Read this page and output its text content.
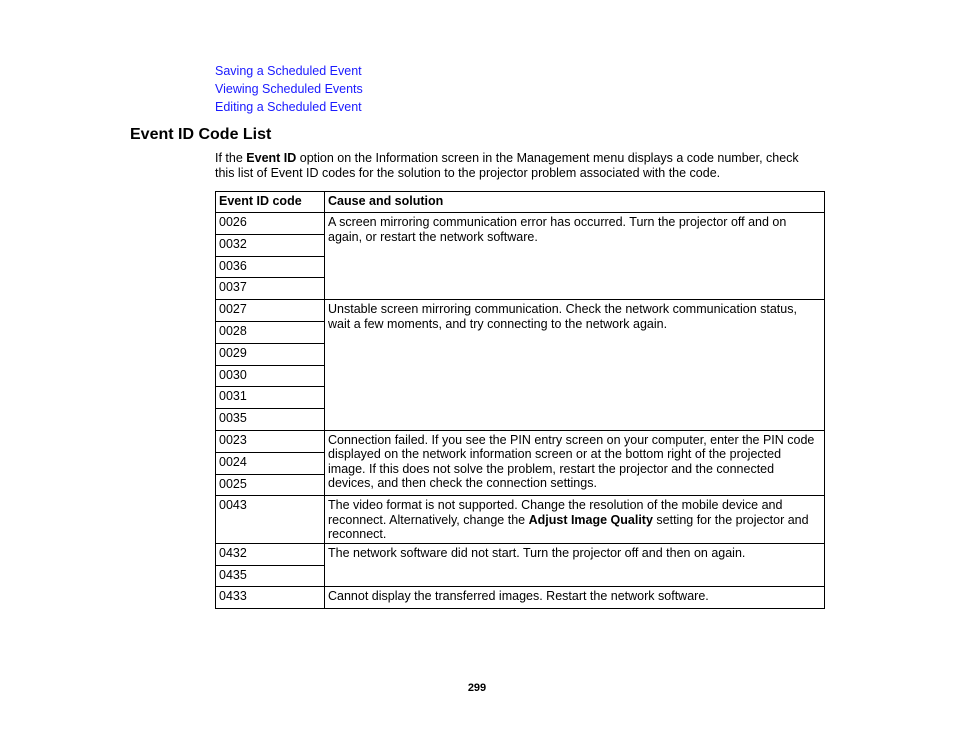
Saving a Scheduled Event
Viewing Scheduled Events
Editing a Scheduled Event
Event ID Code List

If the Event ID option on the Information screen in the Management menu displays a code number, check this list of Event ID codes for the solution to the projector problem associated with the code.

Event ID code	Cause and solution
0026	A screen mirroring communication error has occurred. Turn the projector off and on again, or restart the network software.
0032	
0036	
0037	
0027	Unstable screen mirroring communication. Check the network communication status, wait a few moments, and try connecting to the network again.
0028	
0029	
0030	
0031	
0035	
0023	Connection failed. If you see the PIN entry screen on your computer, enter the PIN code displayed on the network information screen or at the bottom right of the projected image. If this does not solve the problem, restart the projector and the connected devices, and then check the connection settings.
0024	
0025	
0043	The video format is not supported. Change the resolution of the mobile device and reconnect. Alternatively, change the Adjust Image Quality setting for the projector and reconnect.
0432	The network software did not start. Turn the projector off and then on again.
0435	
0433	Cannot display the transferred images. Restart the network software.
299
